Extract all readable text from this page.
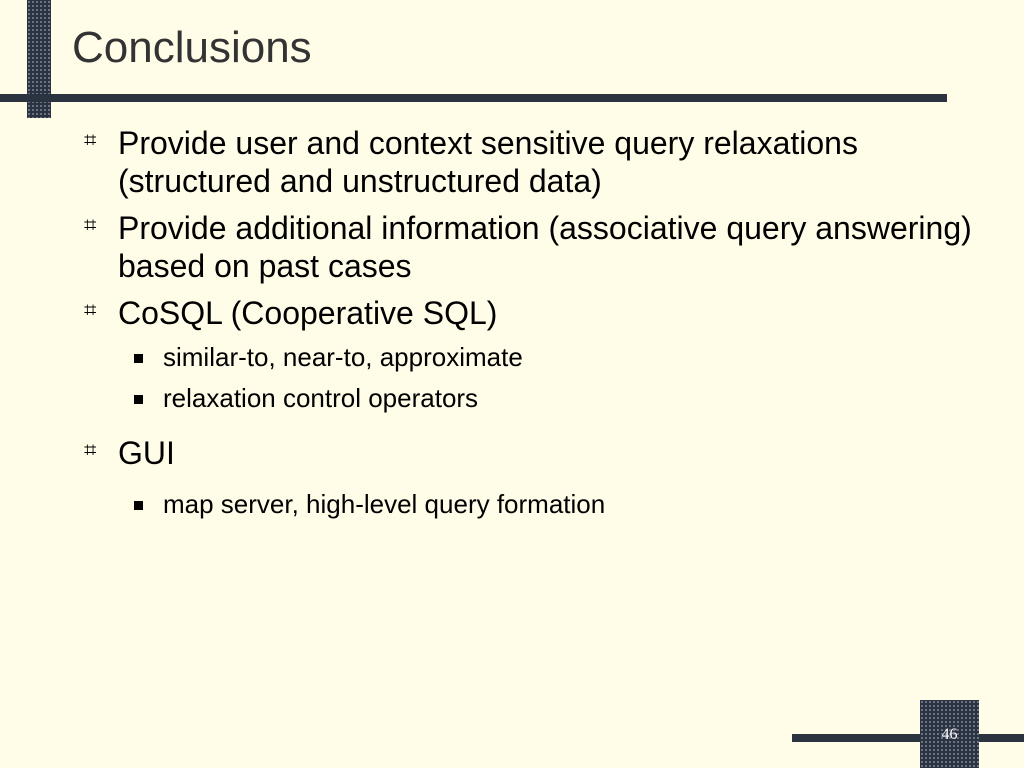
Conclusions
⌗ Provide user and context sensitive query relaxations (structured and unstructured data)
⌗ Provide additional information (associative query answering) based on past cases
⌗ CoSQL (Cooperative SQL)
similar-to, near-to, approximate
relaxation control operators
⌗ GUI
map server, high-level query formation
46
